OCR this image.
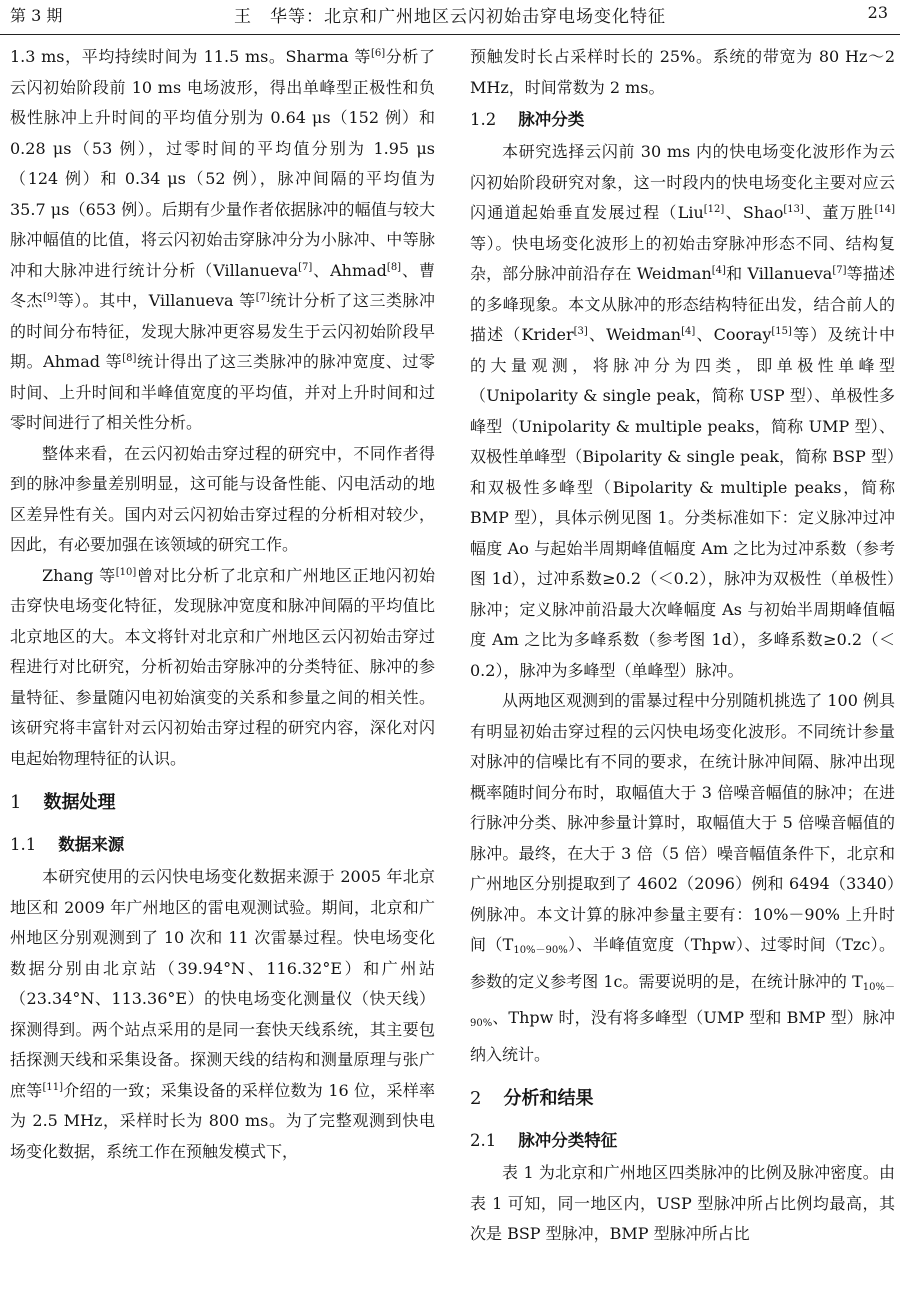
第 3 期	王　华等：北京和广州地区云闪初始击穿电场变化特征	23

1.3 ms，平均持续时间为 11.5 ms。Sharma 等[6]分析了云闪初始阶段前 10 ms 电场波形，得出单峰型正极性和负极性脉冲上升时间的平均值分别为 0.64 μs（152 例）和 0.28 μs（53 例），过零时间的平均值分别为 1.95 μs（124 例）和 0.34 μs（52 例），脉冲间隔的平均值为 35.7 μs（653 例）。后期有少量作者依据脉冲的幅值与较大脉冲幅值的比值，将云闪初始击穿脉冲分为小脉冲、中等脉冲和大脉冲进行统计分析（Villanueva[7]、Ahmad[8]、曹冬杰[9]等）。其中，Villanueva 等[7]统计分析了这三类脉冲的时间分布特征，发现大脉冲更容易发生于云闪初始阶段早期。Ahmad 等[8]统计得出了这三类脉冲的脉冲宽度、过零时间、上升时间和半峰值宽度的平均值，并对上升时间和过零时间进行了相关性分析。

整体来看，在云闪初始击穿过程的研究中，不同作者得到的脉冲参量差别明显，这可能与设备性能、闪电活动的地区差异性有关。国内对云闪初始击穿过程的分析相对较少，因此，有必要加强在该领域的研究工作。

Zhang 等[10]曾对比分析了北京和广州地区正地闪初始击穿快电场变化特征，发现脉冲宽度和脉冲间隔的平均值比北京地区的大。本文将针对北京和广州地区云闪初始击穿过程进行对比研究，分析初始击穿脉冲的分类特征、脉冲的参量特征、参量随闪电初始演变的关系和参量之间的相关性。该研究将丰富针对云闪初始击穿过程的研究内容，深化对闪电起始物理特征的认识。

1 数据处理
1.1 数据来源

本研究使用的云闪快电场变化数据来源于 2005 年北京地区和 2009 年广州地区的雷电观测试验。期间，北京和广州地区分别观测到了 10 次和 11 次雷暴过程。快电场变化数据分别由北京站（39.94°N、116.32°E）和广州站（23.34°N、113.36°E）的快电场变化测量仪（快天线）探测得到。两个站点采用的是同一套快天线系统，其主要包括探测天线和采集设备。探测天线的结构和测量原理与张广庶等[11]介绍的一致；采集设备的采样位数为 16 位，采样率为 2.5 MHz，采样时长为 800 ms。为了完整观测到快电场变化数据，系统工作在预触发模式下，

预触发时长占采样时长的 25%。系统的带宽为 80 Hz～2 MHz，时间常数为 2 ms。

1.2 脉冲分类

本研究选择云闪前 30 ms 内的快电场变化波形作为云闪初始阶段研究对象，这一时段内的快电场变化主要对应云闪通道起始垂直发展过程（Liu[12]、Shao[13]、董万胜[14]等）。快电场变化波形上的初始击穿脉冲形态不同、结构复杂，部分脉冲前沿存在 Weidman[4]和 Villanueva[7]等描述的多峰现象。本文从脉冲的形态结构特征出发，结合前人的描述（Krider[3]、Weidman[4]、Cooray[15]等）及统计中的大量观测，将脉冲分为四类，即单极性单峰型（Unipolarity & single peak，简称 USP 型）、单极性多峰型（Unipolarity & multiple peaks，简称 UMP 型）、双极性单峰型（Bipolarity & single peak，简称 BSP 型）和双极性多峰型（Bipolarity & multiple peaks，简称 BMP 型），具体示例见图 1。分类标准如下：定义脉冲过冲幅度 Ao 与起始半周期峰值幅度 Am 之比为过冲系数（参考图 1d），过冲系数≥0.2（＜0.2），脉冲为双极性（单极性）脉冲；定义脉冲前沿最大次峰幅度 As 与初始半周期峰值幅度 Am 之比为多峰系数（参考图 1d），多峰系数≥0.2（＜0.2），脉冲为多峰型（单峰型）脉冲。

从两地区观测到的雷暴过程中分别随机挑选了 100 例具有明显初始击穿过程的云闪快电场变化波形。不同统计参量对脉冲的信噪比有不同的要求，在统计脉冲间隔、脉冲出现概率随时间分布时，取幅值大于 3 倍噪音幅值的脉冲；在进行脉冲分类、脉冲参量计算时，取幅值大于 5 倍噪音幅值的脉冲。最终，在大于 3 倍（5 倍）噪音幅值条件下，北京和广州地区分别提取到了 4602（2096）例和 6494（3340）例脉冲。本文计算的脉冲参量主要有：10%－90% 上升时间$(T_{10\%-90\%})$、半峰值宽度（Thpw）、过零时间（Tzc）。参数的定义参考图 1c。需要说明的是，在统计脉冲的 $T_{10\%-90\%}$、Thpw 时，没有将多峰型（UMP 型和 BMP 型）脉冲纳入统计。

2 分析和结果
2.1 脉冲分类特征

表 1 为北京和广州地区四类脉冲的比例及脉冲密度。由表 1 可知，同一地区内，USP 型脉冲所占比例均最高，其次是 BSP 型脉冲，BMP 型脉冲所占比
